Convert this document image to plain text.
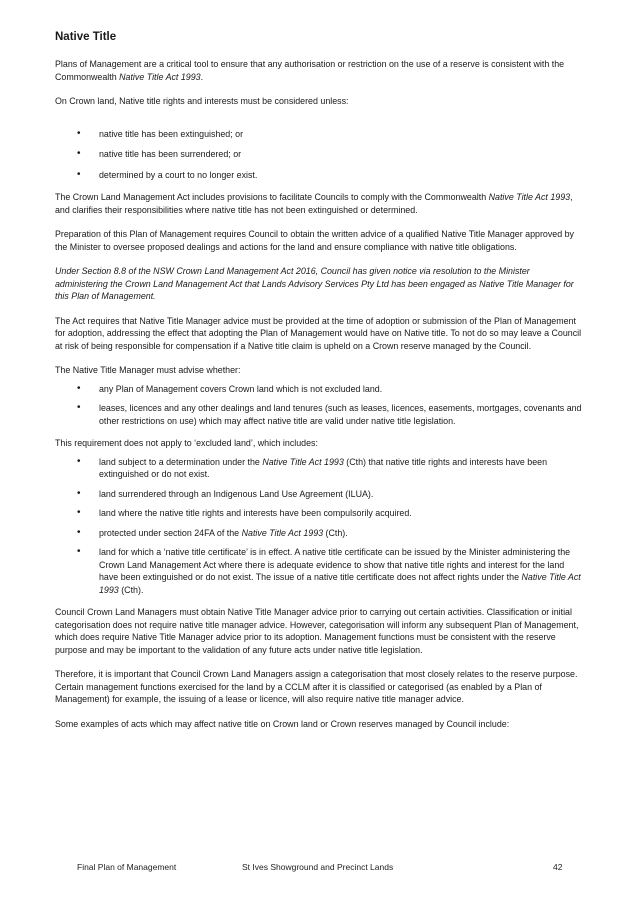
Native Title

Plans of Management are a critical tool to ensure that any authorisation or restriction on the use of a reserve is consistent with the Commonwealth Native Title Act 1993.

On Crown land, Native title rights and interests must be considered unless:

• native title has been extinguished; or
• native title has been surrendered; or
• determined by a court to no longer exist.

The Crown Land Management Act includes provisions to facilitate Councils to comply with the Commonwealth Native Title Act 1993, and clarifies their responsibilities where native title has not been extinguished or determined.

Preparation of this Plan of Management requires Council to obtain the written advice of a qualified Native Title Manager approved by the Minister to oversee proposed dealings and actions for the land and ensure compliance with native title obligations.

Under Section 8.8 of the NSW Crown Land Management Act 2016, Council has given notice via resolution to the Minister administering the Crown Land Management Act that Lands Advisory Services Pty Ltd has been engaged as Native Title Manager for this Plan of Management.

The Act requires that Native Title Manager advice must be provided at the time of adoption or submission of the Plan of Management for adoption, addressing the effect that adopting the Plan of Management would have on Native title. To not do so may leave a Council at risk of being responsible for compensation if a Native title claim is upheld on a Crown reserve managed by the Council.

The Native Title Manager must advise whether:

• any Plan of Management covers Crown land which is not excluded land.
• leases, licences and any other dealings and land tenures (such as leases, licences, easements, mortgages, covenants and other restrictions on use) which may affect native title are valid under native title legislation.

This requirement does not apply to ‘excluded land’, which includes:

• land subject to a determination under the Native Title Act 1993 (Cth) that native title rights and interests have been extinguished or do not exist.
• land surrendered through an Indigenous Land Use Agreement (ILUA).
• land where the native title rights and interests have been compulsorily acquired.
• protected under section 24FA of the Native Title Act 1993 (Cth).
• land for which a ‘native title certificate’ is in effect. A native title certificate can be issued by the Minister administering the Crown Land Management Act where there is adequate evidence to show that native title rights and interest for the land have been extinguished or do not exist. The issue of a native title certificate does not affect rights under the Native Title Act 1993 (Cth).

Council Crown Land Managers must obtain Native Title Manager advice prior to carrying out certain activities. Classification or initial categorisation does not require native title manager advice. However, categorisation will inform any subsequent Plan of Management, which does require Native Title Manager advice prior to its adoption. Management functions must be consistent with the reserve purpose and may be important to the validation of any future acts under native title legislation.

Therefore, it is important that Council Crown Land Managers assign a categorisation that most closely relates to the reserve purpose. Certain management functions exercised for the land by a CCLM after it is classified or categorised (as enabled by a Plan of Management) for example, the issuing of a lease or licence, will also require native title manager advice.

Some examples of acts which may affect native title on Crown land or Crown reserves managed by Council include:

Final Plan of Management	St Ives Showground and Precinct Lands	42
